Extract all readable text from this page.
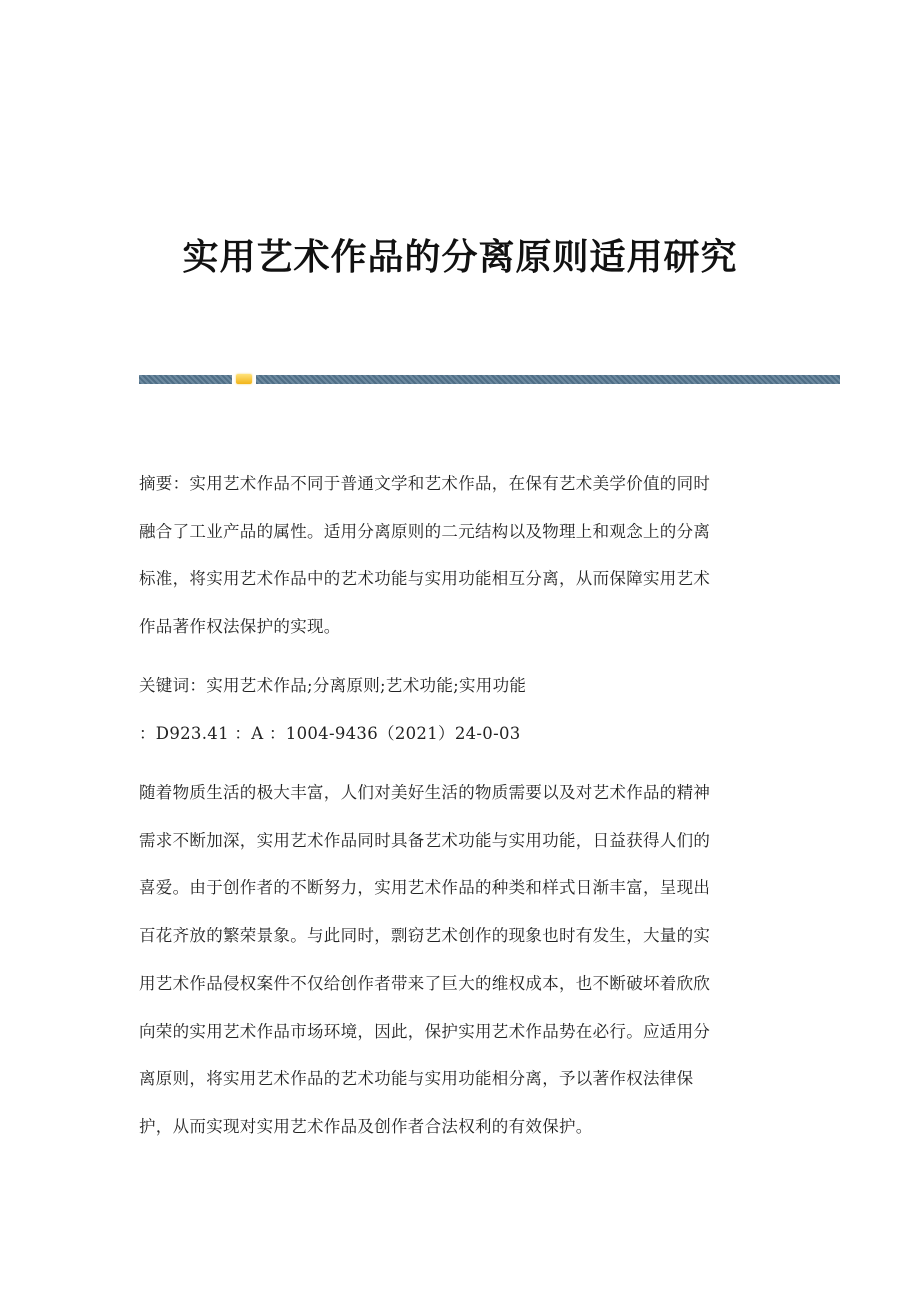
实用艺术作品的分离原则适用研究
摘要：实用艺术作品不同于普通文学和艺术作品，在保有艺术美学价值的同时
融合了工业产品的属性。适用分离原则的二元结构以及物理上和观念上的分离
标准，将实用艺术作品中的艺术功能与实用功能相互分离，从而保障实用艺术
作品著作权法保护的实现。
关键词：实用艺术作品;分离原则;艺术功能;实用功能
：D923.41 ：A ：1004-9436（2021）24-0-03
随着物质生活的极大丰富，人们对美好生活的物质需要以及对艺术作品的精神
需求不断加深，实用艺术作品同时具备艺术功能与实用功能，日益获得人们的
喜爱。由于创作者的不断努力，实用艺术作品的种类和样式日渐丰富，呈现出
百花齐放的繁荣景象。与此同时，剽窃艺术创作的现象也时有发生，大量的实
用艺术作品侵权案件不仅给创作者带来了巨大的维权成本，也不断破坏着欣欣
向荣的实用艺术作品市场环境，因此，保护实用艺术作品势在必行。应适用分
离原则，将实用艺术作品的艺术功能与实用功能相分离，予以著作权法律保
护，从而实现对实用艺术作品及创作者合法权利的有效保护。
